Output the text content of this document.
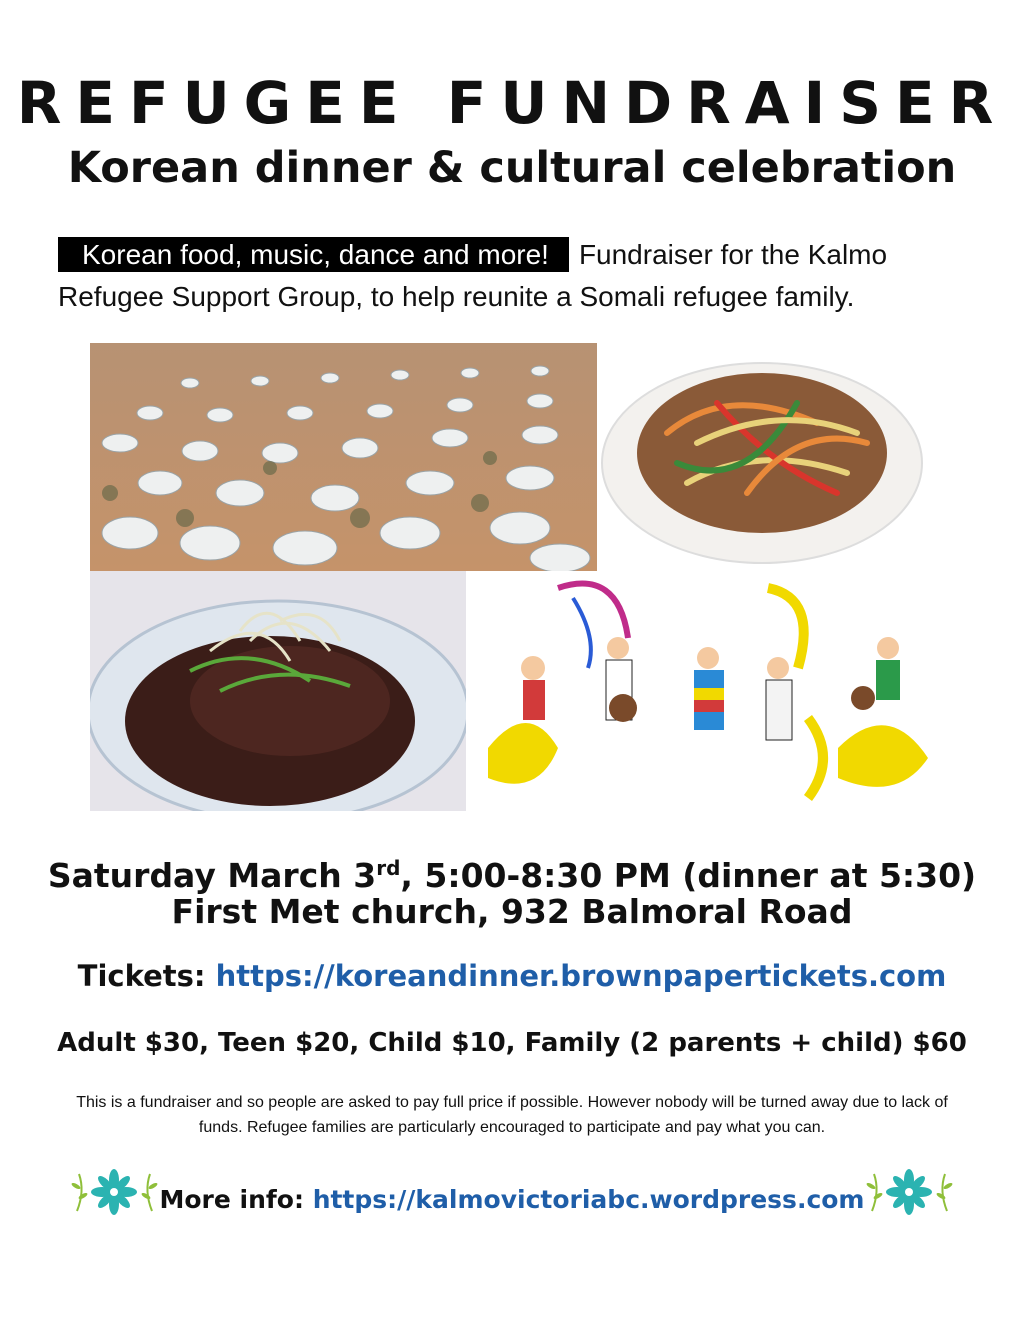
REFUGEE FUNDRAISER
Korean dinner & cultural celebration

Korean food, music, dance and more! Fundraiser for the Kalmo Refugee Support Group, to help reunite a Somali refugee family.

Saturday March 3rd, 5:00-8:30 PM (dinner at 5:30)

First Met church, 932 Balmoral Road

Tickets: https://koreandinner.brownpapertickets.com

Adult $30, Teen $20, Child $10, Family (2 parents + child) $60

This is a fundraiser and so people are asked to pay full price if possible. However nobody will be turned away due to lack of funds. Refugee families are particularly encouraged to participate and pay what you can.

More info: https://kalmovictoriabc.wordpress.com
